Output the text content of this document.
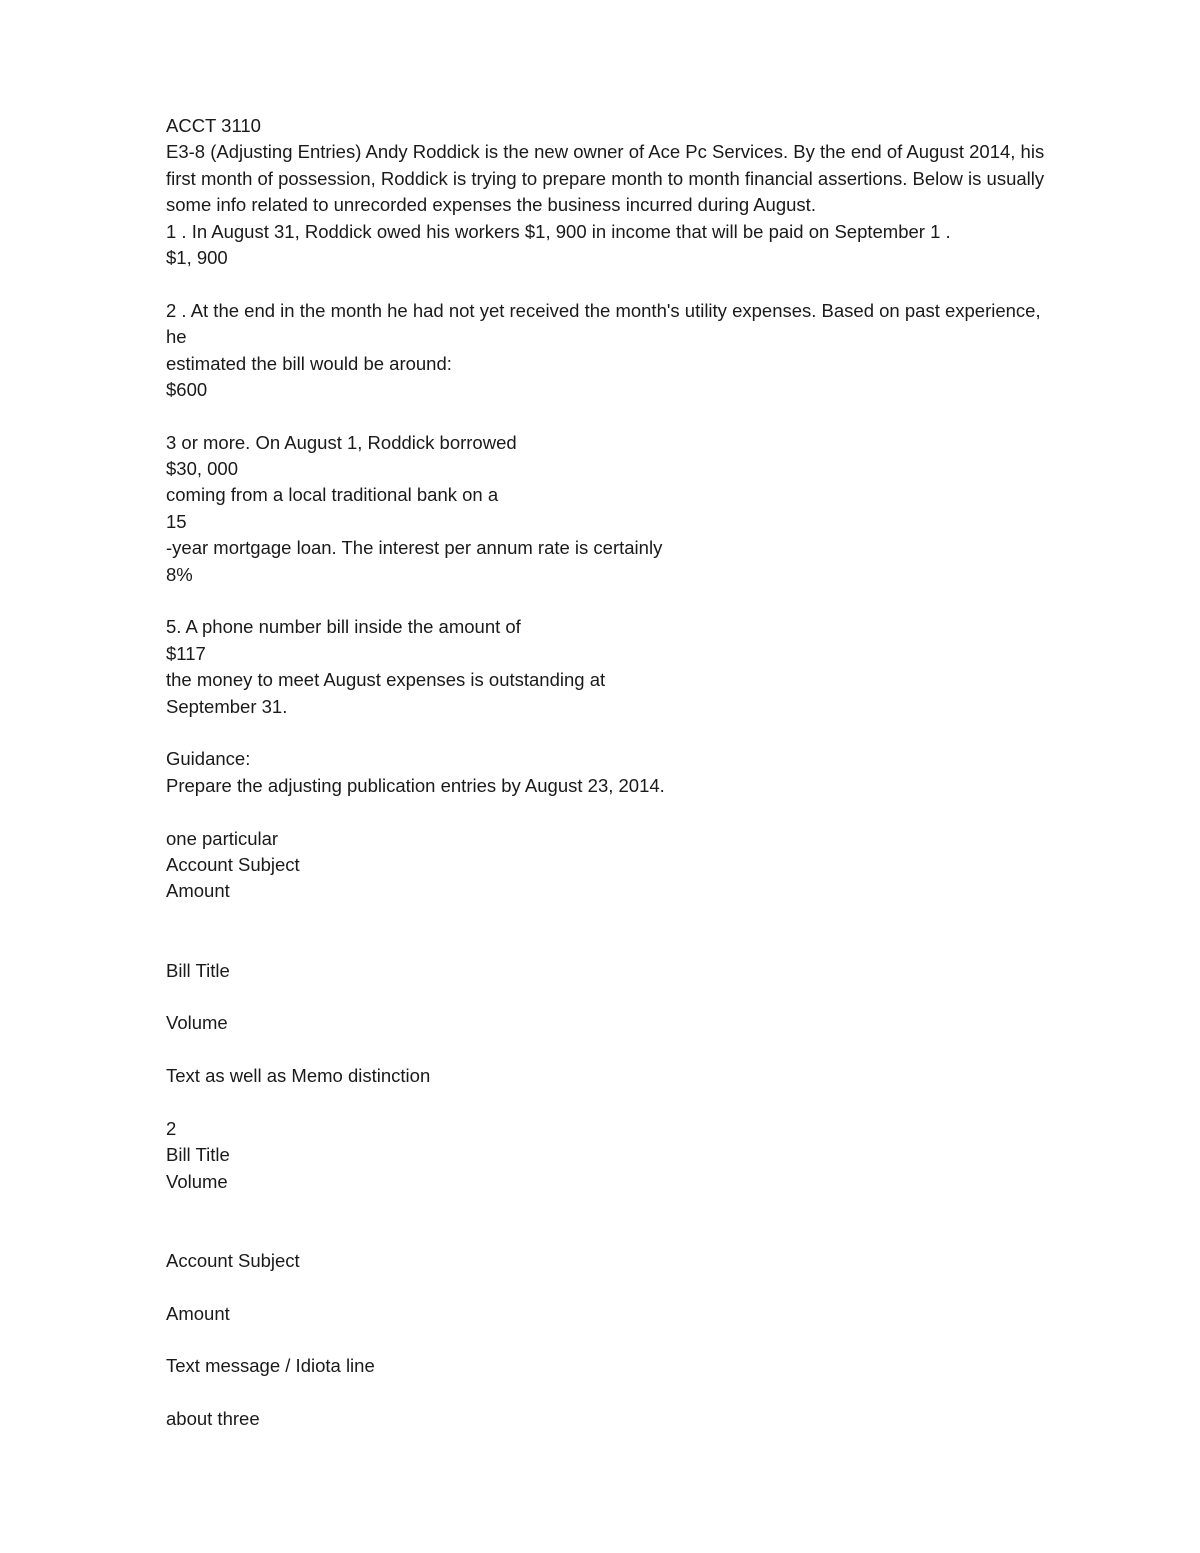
ACCT 3110
E3-8 (Adjusting Entries) Andy Roddick is the new owner of Ace Pc Services. By the end of August 2014, his
first month of possession, Roddick is trying to prepare month to month financial assertions. Below is usually
some info related to unrecorded expenses the business incurred during August.
1 . In August 31, Roddick owed his workers $1, 900 in income that will be paid on September 1 .
$1, 900
2 . At the end in the month he had not yet received the month's utility expenses. Based on past experience,
he
estimated the bill would be around:
$600
3 or more. On August 1, Roddick borrowed
$30, 000
coming from a local traditional bank on a
15
-year mortgage loan. The interest per annum rate is certainly
8%
5. A phone number bill inside the amount of
$117
the money to meet August expenses is outstanding at
September 31.
Guidance:
Prepare the adjusting publication entries by August 23, 2014.
one particular
Account Subject
Amount
Bill Title
Volume
Text as well as Memo distinction
2
Bill Title
Volume
Account Subject
Amount
Text message / Idiota line
about three
